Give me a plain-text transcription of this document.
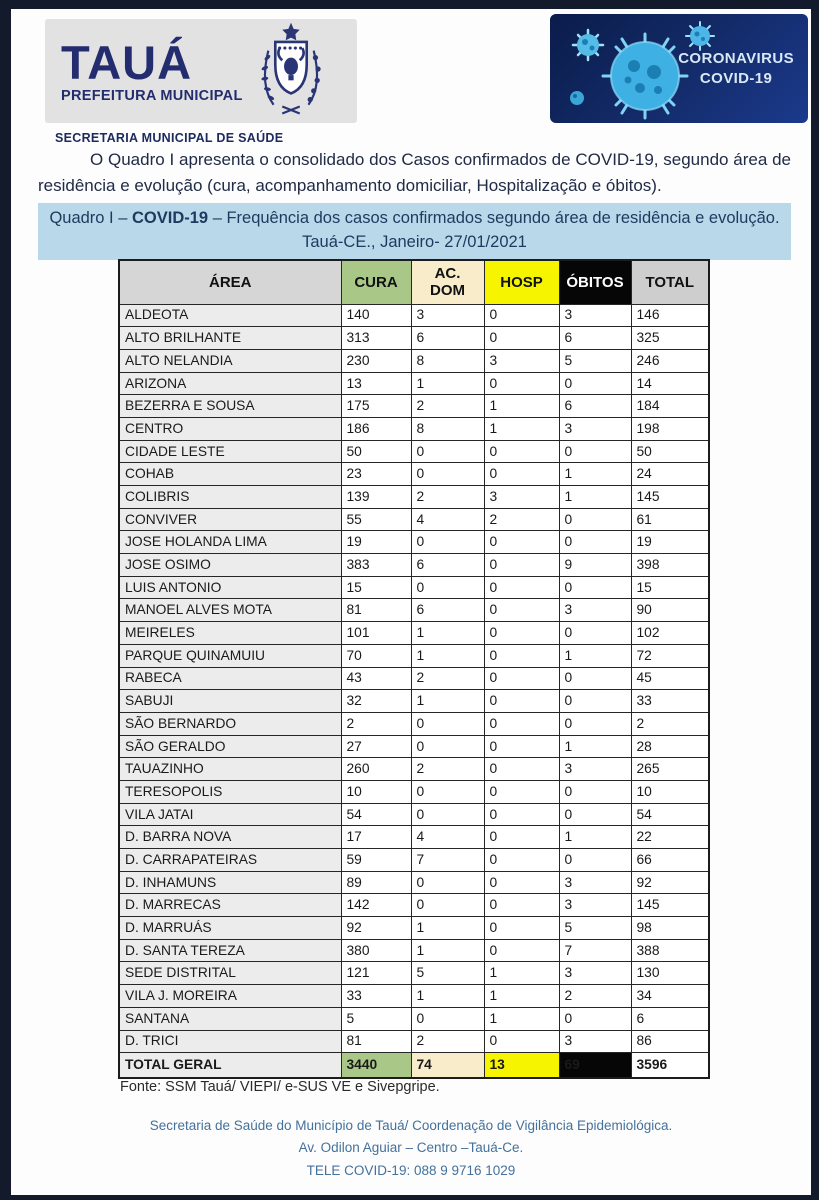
TAUÁ
PREFEITURA MUNICIPAL
SECRETARIA MUNICIPAL DE SAÚDE
CORONAVIRUS
COVID-19
O Quadro I apresenta o consolidado dos Casos confirmados de COVID-19, segundo área de residência e evolução (cura, acompanhamento domiciliar, Hospitalização e óbitos).
Quadro I – COVID-19 – Frequência dos casos confirmados segundo área de residência e evolução.
Tauá-CE., Janeiro- 27/01/2021
ÁREA	CURA	AC. DOM	HOSP	ÓBITOS	TOTAL
ALDEOTA	140	3	0	3	146
ALTO BRILHANTE	313	6	0	6	325
ALTO NELANDIA	230	8	3	5	246
ARIZONA	13	1	0	0	14
BEZERRA E SOUSA	175	2	1	6	184
CENTRO	186	8	1	3	198
CIDADE LESTE	50	0	0	0	50
COHAB	23	0	0	1	24
COLIBRIS	139	2	3	1	145
CONVIVER	55	4	2	0	61
JOSE HOLANDA LIMA	19	0	0	0	19
JOSE OSIMO	383	6	0	9	398
LUIS ANTONIO	15	0	0	0	15
MANOEL ALVES MOTA	81	6	0	3	90
MEIRELES	101	1	0	0	102
PARQUE QUINAMUIU	70	1	0	1	72
RABECA	43	2	0	0	45
SABUJI	32	1	0	0	33
SÃO BERNARDO	2	0	0	0	2
SÃO GERALDO	27	0	0	1	28
TAUAZINHO	260	2	0	3	265
TERESOPOLIS	10	0	0	0	10
VILA JATAI	54	0	0	0	54
D. BARRA NOVA	17	4	0	1	22
D. CARRAPATEIRAS	59	7	0	0	66
D. INHAMUNS	89	0	0	3	92
D. MARRECAS	142	0	0	3	145
D. MARRUÁS	92	1	0	5	98
D. SANTA TEREZA	380	1	0	7	388
SEDE DISTRITAL	121	5	1	3	130
VILA J. MOREIRA	33	1	1	2	34
SANTANA	5	0	1	0	6
D. TRICI	81	2	0	3	86
TOTAL GERAL	3440	74	13	69	3596
Fonte: SSM Tauá/ VIEPI/ e-SUS VE e Sivepgripe.
Secretaria de Saúde do Município de Tauá/ Coordenação de Vigilância Epidemiológica.
Av. Odilon Aguiar – Centro –Tauá-Ce.
TELE COVID-19: 088 9 9716 1029
